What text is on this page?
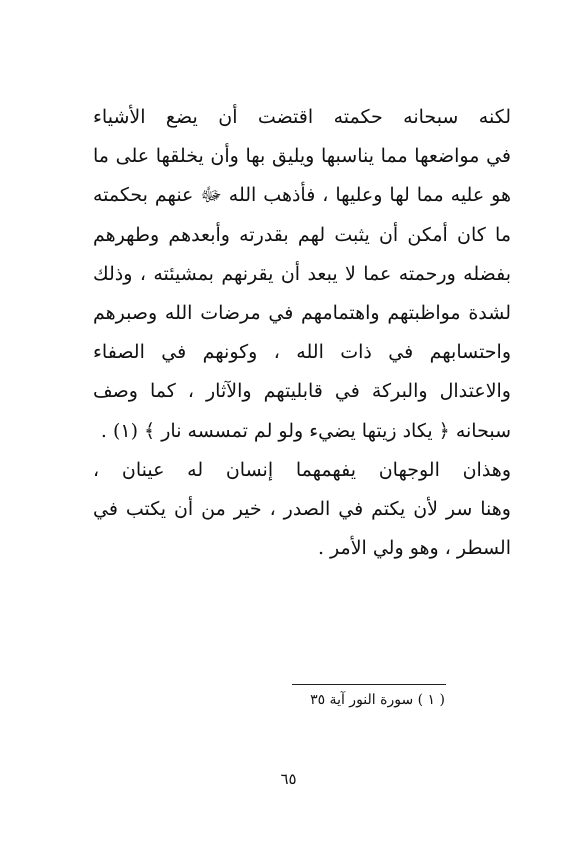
لكنه سبحانه حكمته اقتضت أن يضع الأشياء
في مواضعها مما يناسبها ويليق بها وأن يخلقها على ما
هو عليه مما لها وعليها ، فأذهب الله ﷻ عنهم بحكمته
ما كان أمكن أن يثبت لهم بقدرته وأبعدهم وطهرهم
بفضله ورحمته عما لا يبعد أن يقرنهم بمشيئته ، وذلك
لشدة مواظبتهم واهتمامهم في مرضات الله وصبرهم
واحتسابهم في ذات الله ، وكونهم في الصفاء
والاعتدال والبركة في قابليتهم والآثار ، كما وصف
سبحانه ﴿ يكاد زيتها يضيء ولو لم تمسسه نار ﴾ (١) .
وهذان الوجهان يفهمهما إنسان له عينان ،
وهنا سر لأن يكتم في الصدر ، خير من أن يكتب في
السطر ، وهو ولي الأمر .
( ١ ) سورة النور آية ٣٥
٦٥
